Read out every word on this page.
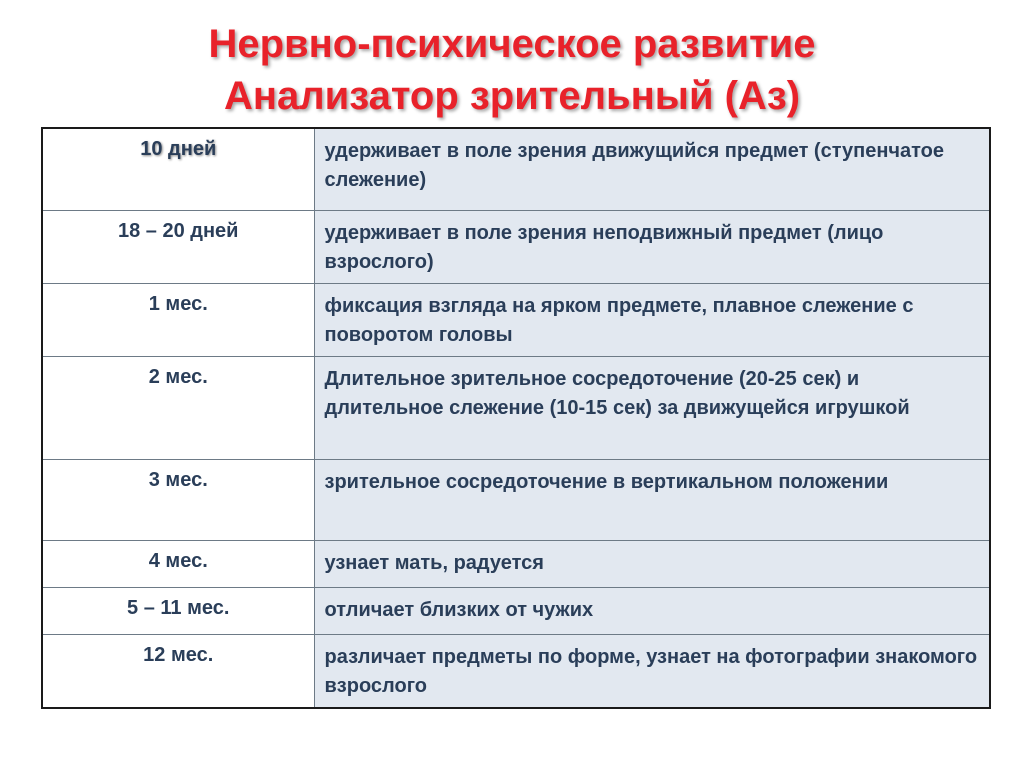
Нервно-психическое развитие
Анализатор зрительный (Аз)
10 дней	удерживает в поле зрения движущийся предмет (ступенчатое слежение)
18 – 20 дней	удерживает в поле зрения неподвижный предмет (лицо взрослого)
1 мес.	фиксация взгляда на ярком предмете, плавное слежение с поворотом головы
2 мес.	Длительное зрительное сосредоточение (20-25 сек) и длительное слежение (10-15 сек) за движущейся игрушкой
3 мес.	зрительное сосредоточение в вертикальном положении
4 мес.	узнает мать, радуется
5 – 11 мес.	отличает близких от чужих
12 мес.	различает предметы по форме, узнает на фотографии знакомого взрослого
